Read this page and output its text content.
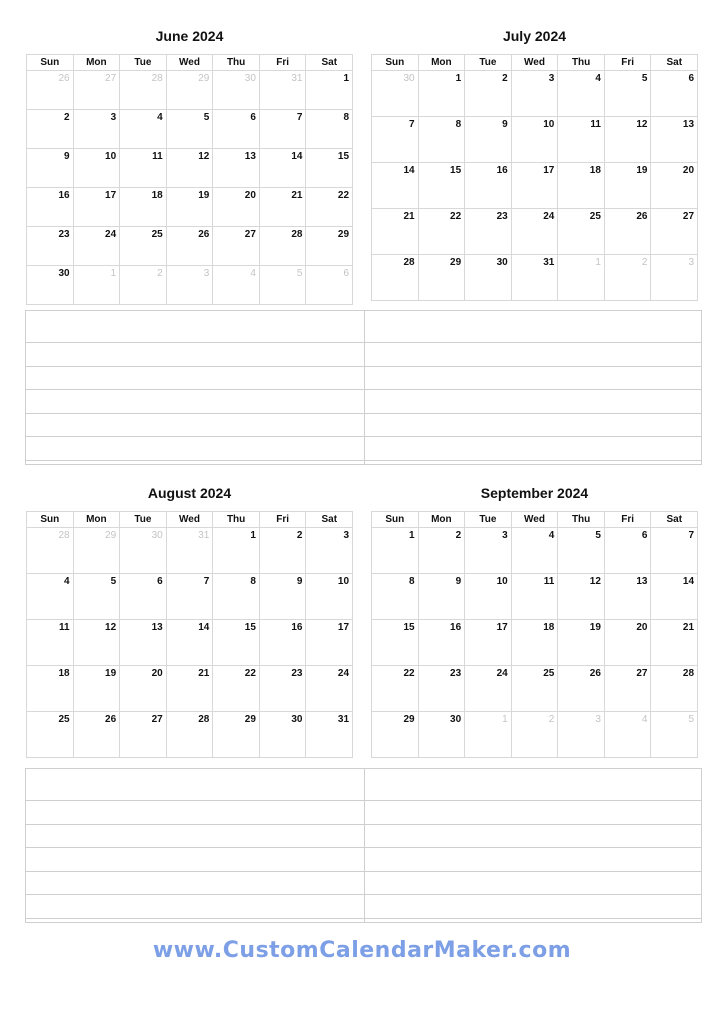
June 2024
Sun	Mon	Tue	Wed	Thu	Fri	Sat
26	27	28	29	30	31	1
2	3	4	5	6	7	8
9	10	11	12	13	14	15
16	17	18	19	20	21	22
23	24	25	26	27	28	29
30	1	2	3	4	5	6
July 2024
Sun	Mon	Tue	Wed	Thu	Fri	Sat
30	1	2	3	4	5	6
7	8	9	10	11	12	13
14	15	16	17	18	19	20
21	22	23	24	25	26	27
28	29	30	31	1	2	3
August 2024
Sun	Mon	Tue	Wed	Thu	Fri	Sat
28	29	30	31	1	2	3
4	5	6	7	8	9	10
11	12	13	14	15	16	17
18	19	20	21	22	23	24
25	26	27	28	29	30	31
September 2024
Sun	Mon	Tue	Wed	Thu	Fri	Sat
1	2	3	4	5	6	7
8	9	10	11	12	13	14
15	16	17	18	19	20	21
22	23	24	25	26	27	28
29	30	1	2	3	4	5
www.CustomCalendarMaker.com
